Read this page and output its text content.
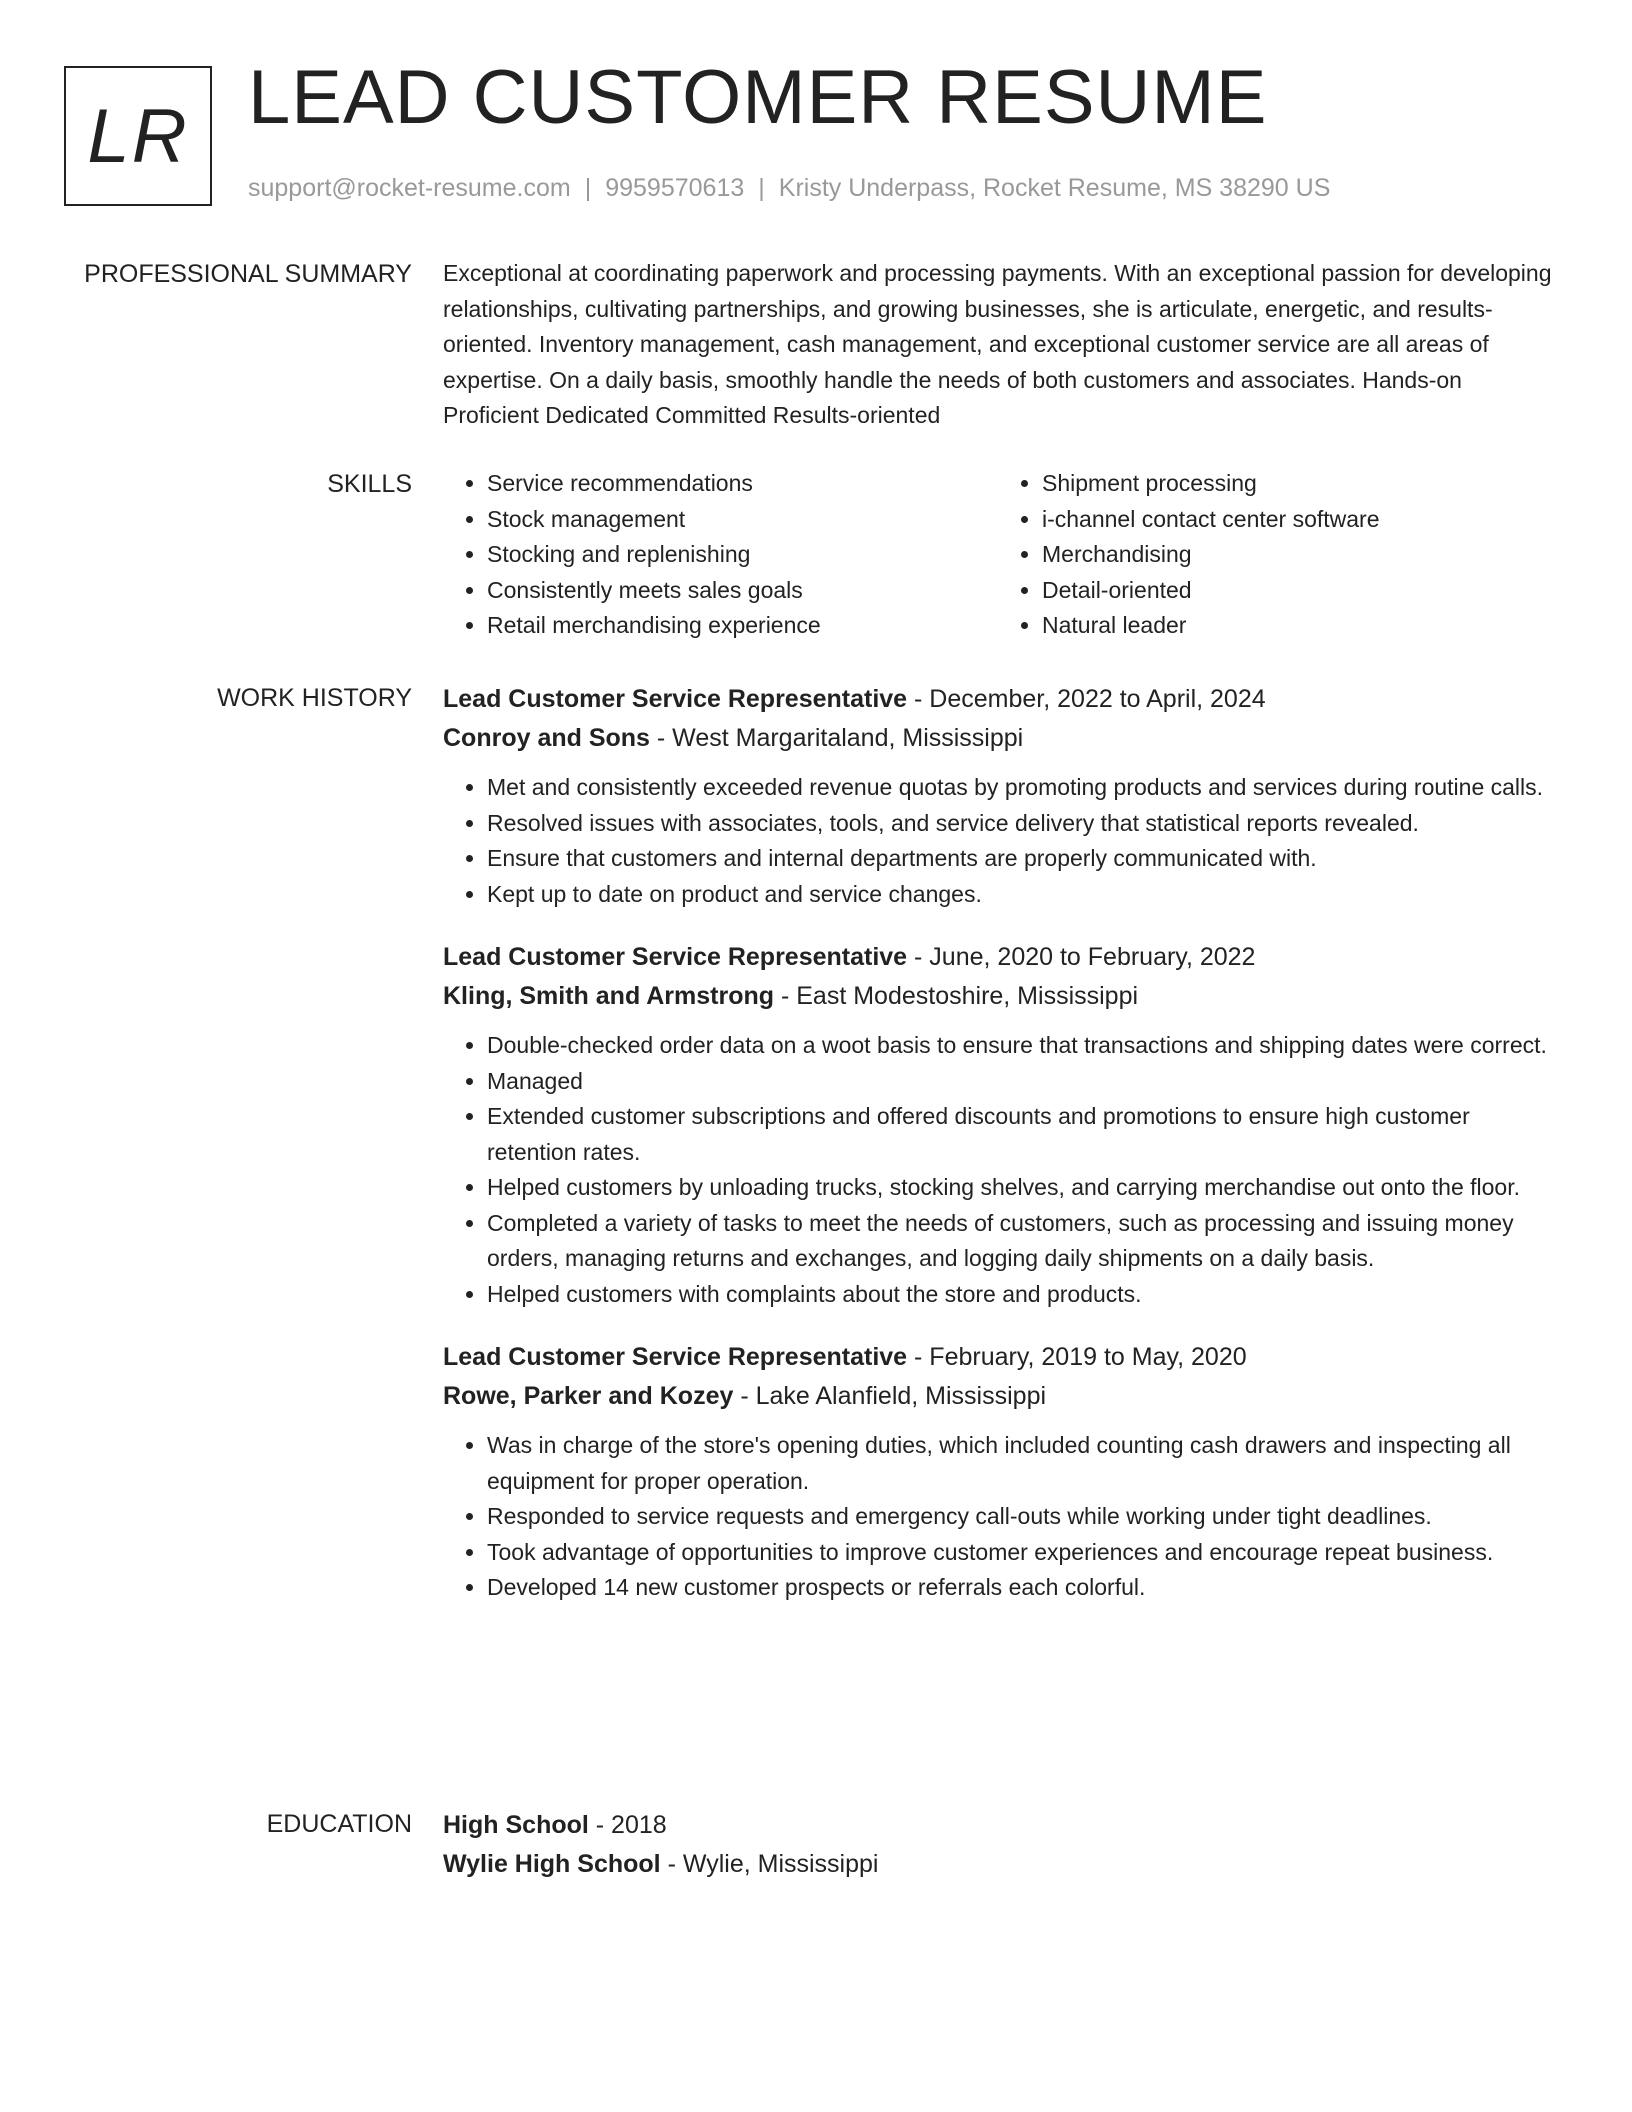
LR LEAD CUSTOMER RESUME
support@rocket-resume.com | 9959570613 | Kristy Underpass, Rocket Resume, MS 38290 US
PROFESSIONAL SUMMARY Exceptional at coordinating paperwork and processing payments. With an exceptional passion for developing relationships, cultivating partnerships, and growing businesses, she is articulate, energetic, and results-oriented. Inventory management, cash management, and exceptional customer service are all areas of expertise. On a daily basis, smoothly handle the needs of both customers and associates. Hands-on Proficient Dedicated Committed Results-oriented

SKILLS
•	Service recommendations
• Stock management
• Stocking and replenishing
• Consistently meets sales goals
• Retail merchandising experience
• Shipment processing
• i-channel contact center software
• Merchandising
• Detail-oriented
• Natural leader
WORK HISTORY Lead Customer Service Representative - December, 2022 to April, 2024
Conroy and Sons - West Margaritaland, Mississippi
• Met and consistently exceeded revenue quotas by promoting products and services during routine calls.
• Resolved issues with associates, tools, and service delivery that statistical reports revealed.
• Ensure that customers and internal departments are properly communicated with.
• Kept up to date on product and service changes.
Lead Customer Service Representative - June, 2020 to February, 2022
Kling, Smith and Armstrong - East Modestoshire, Mississippi
• Double-checked order data on a woot basis to ensure that transactions and shipping dates were correct.
• Managed
• Extended customer subscriptions and offered discounts and promotions to ensure high customer retention rates.
• Helped customers by unloading trucks, stocking shelves, and carrying merchandise out onto the floor.
• Completed a variety of tasks to meet the needs of customers, such as processing and issuing money orders, managing returns and exchanges, and logging daily shipments on a daily basis.
• Helped customers with complaints about the store and products.
Lead Customer Service Representative - February, 2019 to May, 2020
Rowe, Parker and Kozey - Lake Alanfield, Mississippi
• Was in charge of the store's opening duties, which included counting cash drawers and inspecting all equipment for proper operation.
• Responded to service requests and emergency call-outs while working under tight deadlines.
• Took advantage of opportunities to improve customer experiences and encourage repeat business.
• Developed 14 new customer prospects or referrals each colorful.
EDUCATION High School - 2018
Wylie High School - Wylie, Mississippi
